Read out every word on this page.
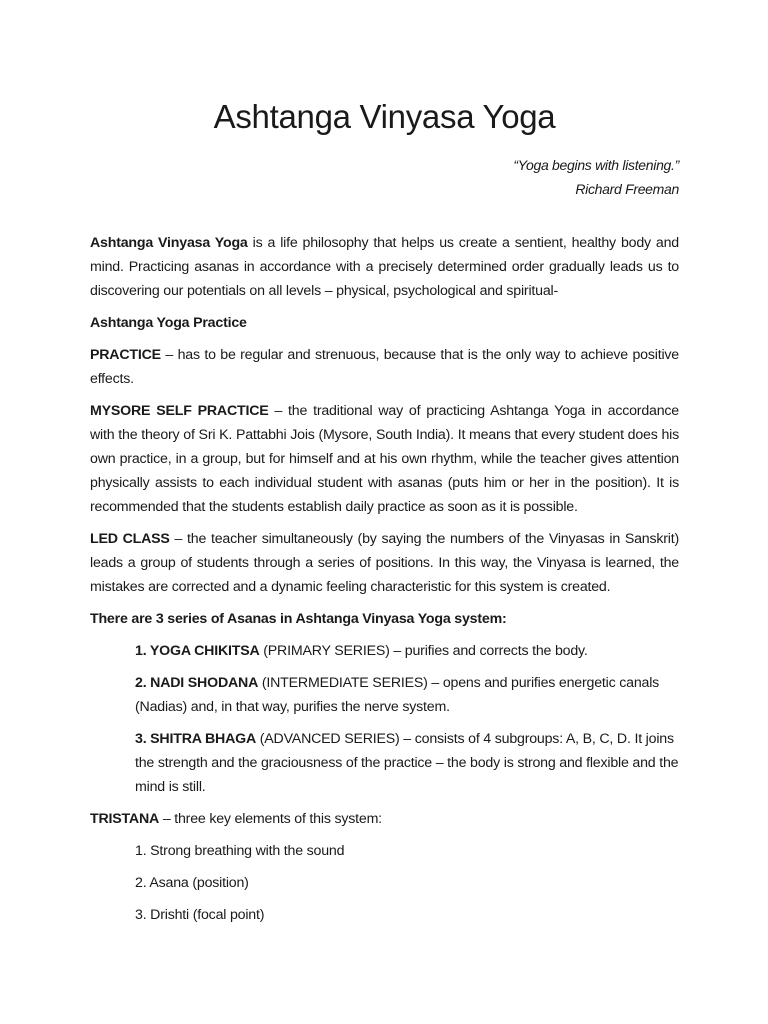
Ashtanga Vinyasa Yoga
“Yoga begins with listening.”
Richard Freeman

Ashtanga Vinyasa Yoga is a life philosophy that helps us create a sentient, healthy body and mind. Practicing asanas in accordance with a precisely determined order gradually leads us to discovering our potentials on all levels – physical, psychological and spiritual-

Ashtanga Yoga Practice

PRACTICE – has to be regular and strenuous, because that is the only way to achieve positive effects.

MYSORE SELF PRACTICE – the traditional way of practicing Ashtanga Yoga in accordance with the theory of Sri K. Pattabhi Jois (Mysore, South India). It means that every student does his own practice, in a group, but for himself and at his own rhythm, while the teacher gives attention physically assists to each individual student with asanas (puts him or her in the position). It is recommended that the students establish daily practice as soon as it is possible.

LED CLASS – the teacher simultaneously (by saying the numbers of the Vinyasas in Sanskrit) leads a group of students through a series of positions. In this way, the Vinyasa is learned, the mistakes are corrected and a dynamic feeling characteristic for this system is created.

There are 3 series of Asanas in Ashtanga Vinyasa Yoga system:

1. YOGA CHIKITSA (PRIMARY SERIES) – purifies and corrects the body.

2. NADI SHODANA (INTERMEDIATE SERIES) – opens and purifies energetic canals (Nadias) and, in that way, purifies the nerve system.

3. SHITRA BHAGA (ADVANCED SERIES) – consists of 4 subgroups: A, B, C, D. It joins the strength and the graciousness of the practice – the body is strong and flexible and the mind is still.

TRISTANA – three key elements of this system:

1. Strong breathing with the sound

2. Asana (position)

3. Drishti (focal point)
